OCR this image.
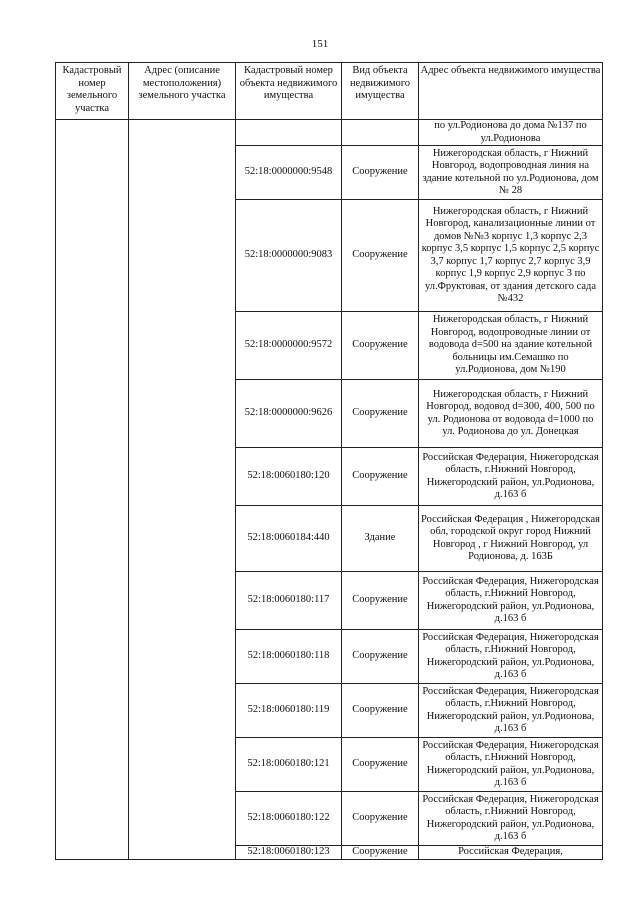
151
Кадастровый номер земельного участка	Адрес (описание местоположения) земельного участка	Кадастровый номер объекта недвижимого имущества	Вид объекта недвижимого имущества	Адрес объекта недвижимого имущества
				по ул.Родионова до дома №137 по ул.Родионова
		52:18:0000000:9548	Сооружение	Нижегородская область, г Нижний Новгород, водопроводная линия на здание котельной по ул.Родионова, дом № 28
		52:18:0000000:9083	Сооружение	Нижегородская область, г Нижний Новгород, канализационные линии от домов №№3 корпус 1,3 корпус 2,3 корпус 3,5 корпус 1,5 корпус 2,5 корпус 3,7 корпус 1,7 корпус 2,7 корпус 3,9 корпус 1,9 корпус 2,9 корпус 3 по ул.Фруктовая, от здания детского сада №432
		52:18:0000000:9572	Сооружение	Нижегородская область, г Нижний Новгород, водопроводные линии от водовода d=500 на здание котельной больницы им.Семашко по ул.Родионова, дом №190
		52:18:0000000:9626	Сооружение	Нижегородская область, г Нижний Новгород, водовод d=300, 400, 500 по ул. Родионова от водовода d=1000 по ул. Родионова до ул. Донецкая
		52:18:0060180:120	Сооружение	Российская Федерация, Нижегородская область, г.Нижний Новгород, Нижегородский район, ул.Родионова, д.163 б
		52:18:0060184:440	Здание	Российская Федерация , Нижегородская обл, городской округ город Нижний Новгород , г Нижний Новгород, ул Родионова, д. 163Б
		52:18:0060180:117	Сооружение	Российская Федерация, Нижегородская область, г.Нижний Новгород, Нижегородский район, ул.Родионова, д.163 б
		52:18:0060180:118	Сооружение	Российская Федерация, Нижегородская область, г.Нижний Новгород, Нижегородский район, ул.Родионова, д.163 б
		52:18:0060180:119	Сооружение	Российская Федерация, Нижегородская область, г.Нижний Новгород, Нижегородский район, ул.Родионова, д.163 б
		52:18:0060180:121	Сооружение	Российская Федерация, Нижегородская область, г.Нижний Новгород, Нижегородский район, ул.Родионова, д.163 б
		52:18:0060180:122	Сооружение	Российская Федерация, Нижегородская область, г.Нижний Новгород, Нижегородский район, ул.Родионова, д.163 б
		52:18:0060180:123	Сооружение	Российская Федерация,
